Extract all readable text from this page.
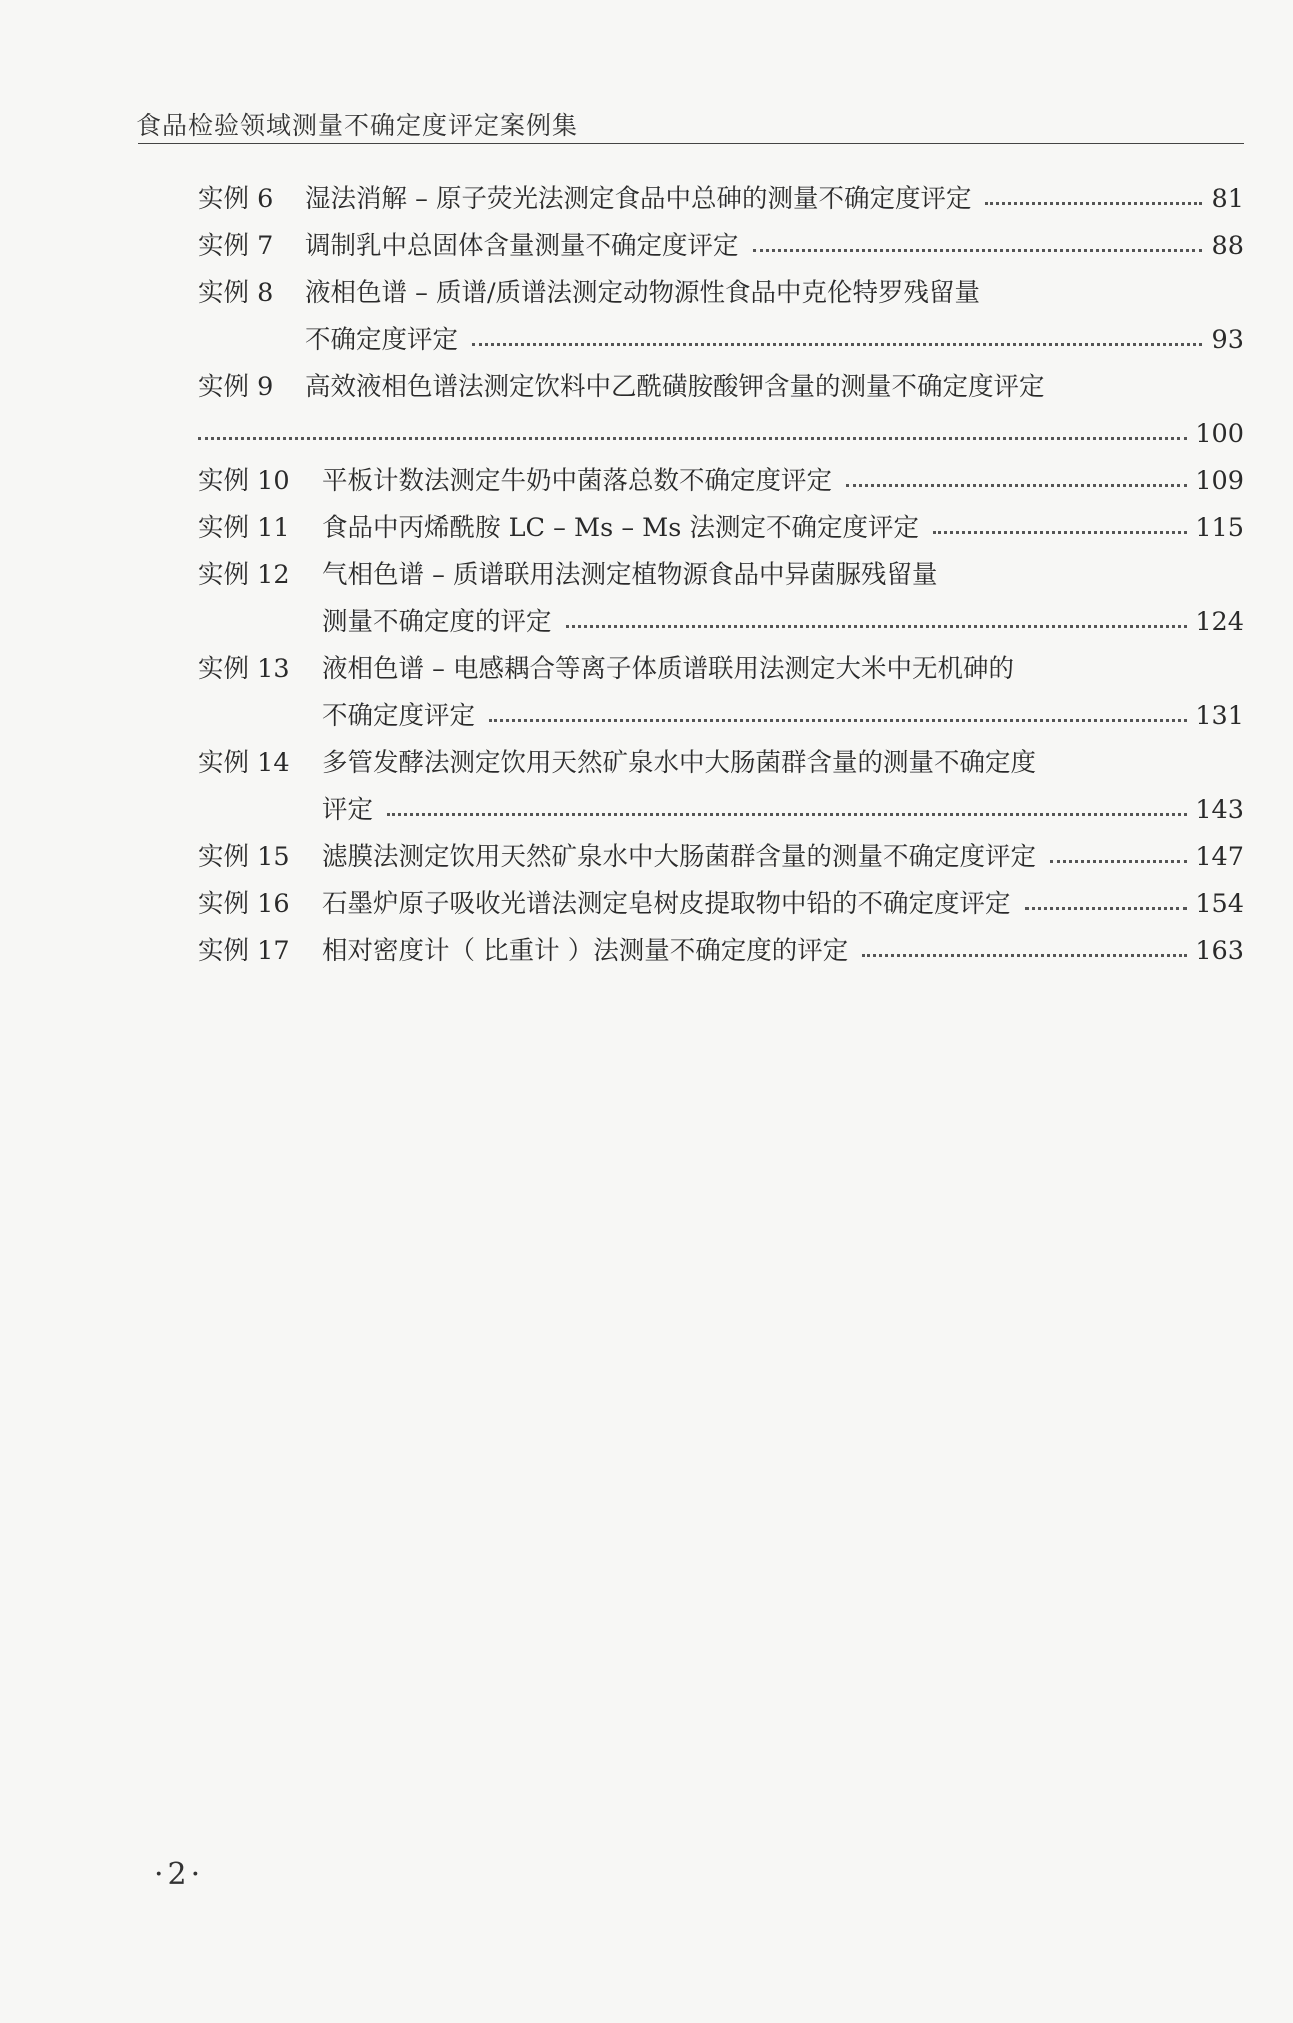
食品检验领域测量不确定度评定案例集
实例 6	湿法消解 – 原子荧光法测定食品中总砷的测量不确定度评定	81
实例 7	调制乳中总固体含量测量不确定度评定	88
实例 8	液相色谱 – 质谱/质谱法测定动物源性食品中克伦特罗残留量
不确定度评定	93
实例 9	高效液相色谱法测定饮料中乙酰磺胺酸钾含量的测量不确定度评定
100
实例 10	平板计数法测定牛奶中菌落总数不确定度评定	109
实例 11	食品中丙烯酰胺 LC – Ms – Ms 法测定不确定度评定	115
实例 12	气相色谱 – 质谱联用法测定植物源食品中异菌脲残留量
测量不确定度的评定	124
实例 13	液相色谱 – 电感耦合等离子体质谱联用法测定大米中无机砷的
不确定度评定	131
实例 14	多管发酵法测定饮用天然矿泉水中大肠菌群含量的测量不确定度
评定	143
实例 15	滤膜法测定饮用天然矿泉水中大肠菌群含量的测量不确定度评定	147
实例 16	石墨炉原子吸收光谱法测定皂树皮提取物中铅的不确定度评定	154
实例 17	相对密度计（ 比重计 ）法测量不确定度的评定	163
·2·
